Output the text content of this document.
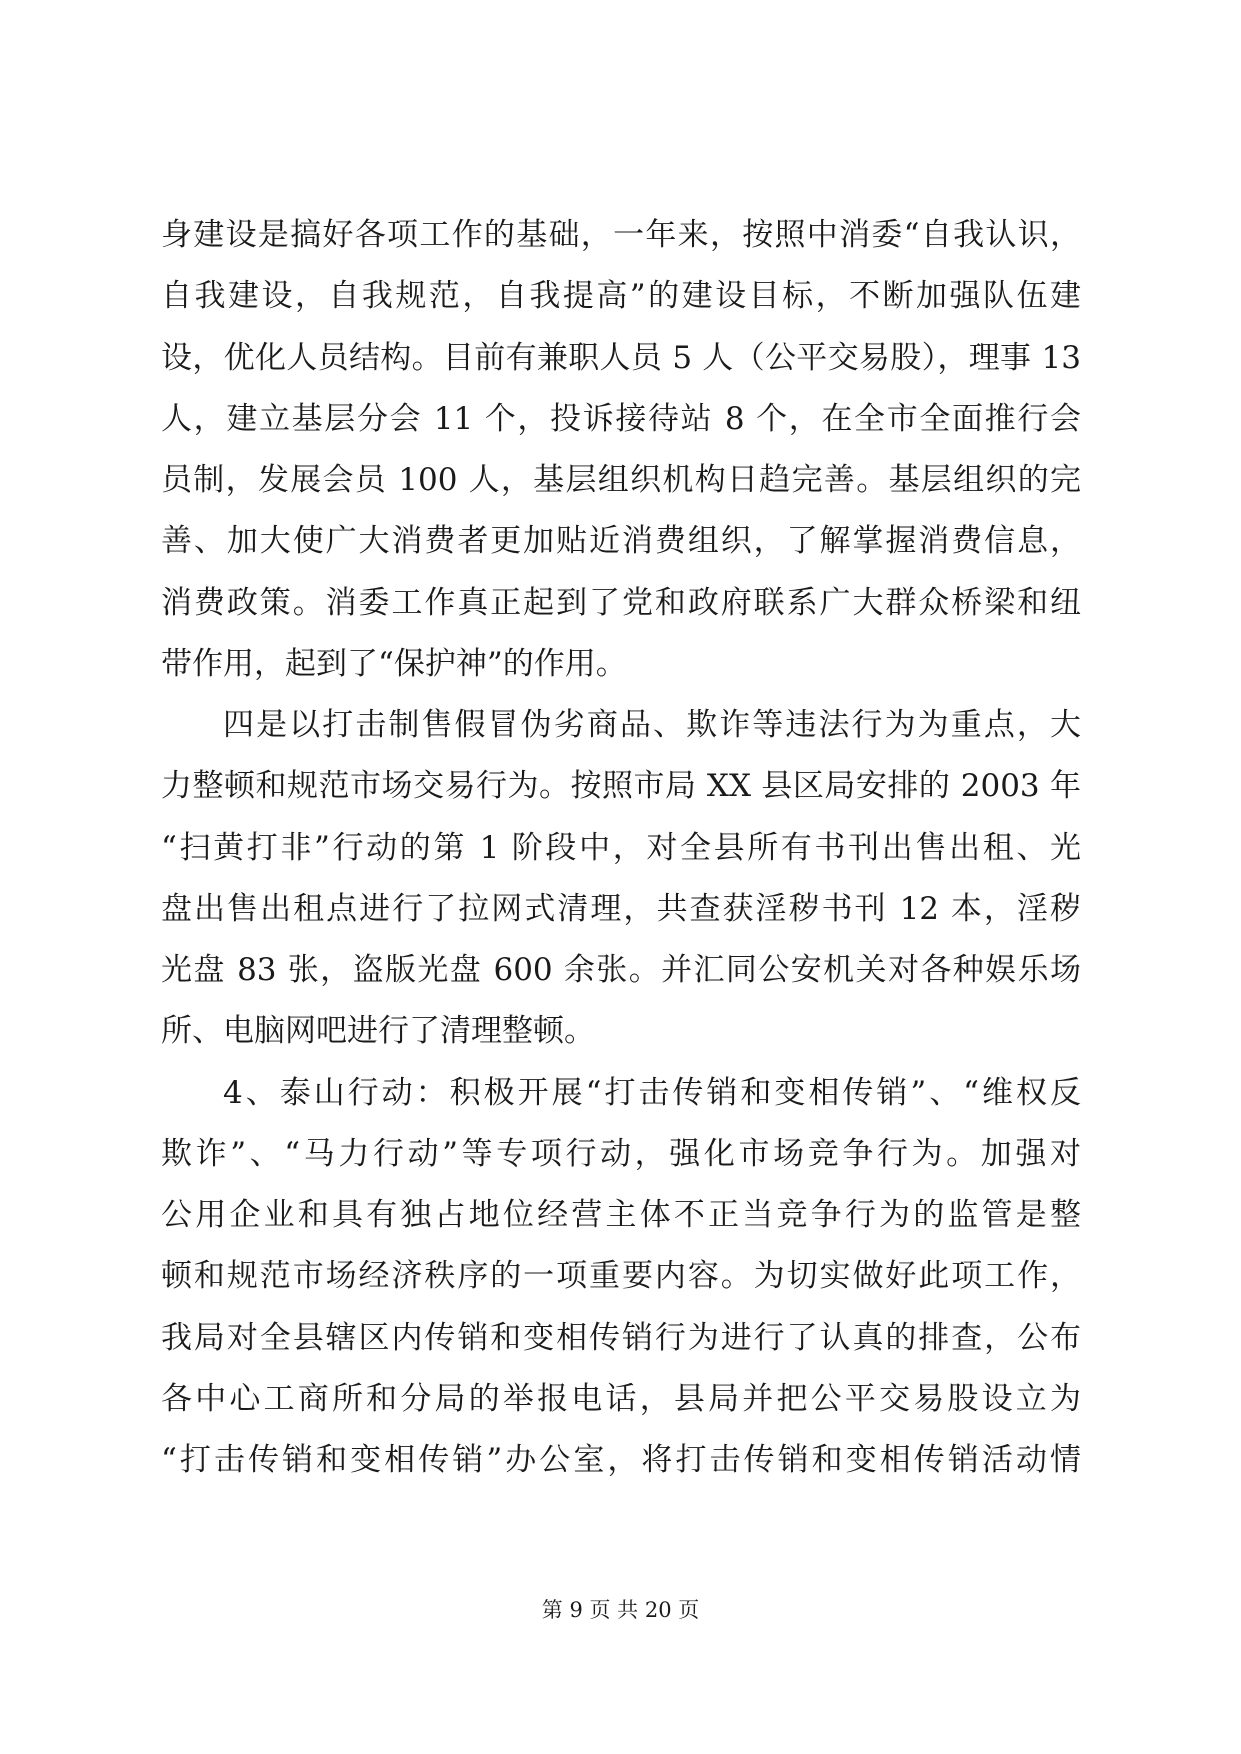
身建设是搞好各项工作的基础，一年来，按照中消委“自我认识，
自我建设，自我规范，自我提高”的建设目标，不断加强队伍建
设，优化人员结构。目前有兼职人员 5 人（公平交易股），理事 13
人，建立基层分会 11 个，投诉接待站 8 个，在全市全面推行会
员制，发展会员 100 人，基层组织机构日趋完善。基层组织的完
善、加大使广大消费者更加贴近消费组织，了解掌握消费信息，
消费政策。消委工作真正起到了党和政府联系广大群众桥梁和纽
带作用，起到了“保护神”的作用。
四是以打击制售假冒伪劣商品、欺诈等违法行为为重点，大
力整顿和规范市场交易行为。按照市局 XX 县区局安排的 2003 年
“扫黄打非”行动的第 1 阶段中，对全县所有书刊出售出租、光
盘出售出租点进行了拉网式清理，共查获淫秽书刊 12 本，淫秽
光盘 83 张，盗版光盘 600 余张。并汇同公安机关对各种娱乐场
所、电脑网吧进行了清理整顿。
4、泰山行动：积极开展“打击传销和变相传销”、“维权反
欺诈”、“马力行动”等专项行动，强化市场竞争行为。加强对
公用企业和具有独占地位经营主体不正当竞争行为的监管是整
顿和规范市场经济秩序的一项重要内容。为切实做好此项工作，
我局对全县辖区内传销和变相传销行为进行了认真的排查，公布
各中心工商所和分局的举报电话，县局并把公平交易股设立为
“打击传销和变相传销”办公室，将打击传销和变相传销活动情
第 9 页 共 20 页
